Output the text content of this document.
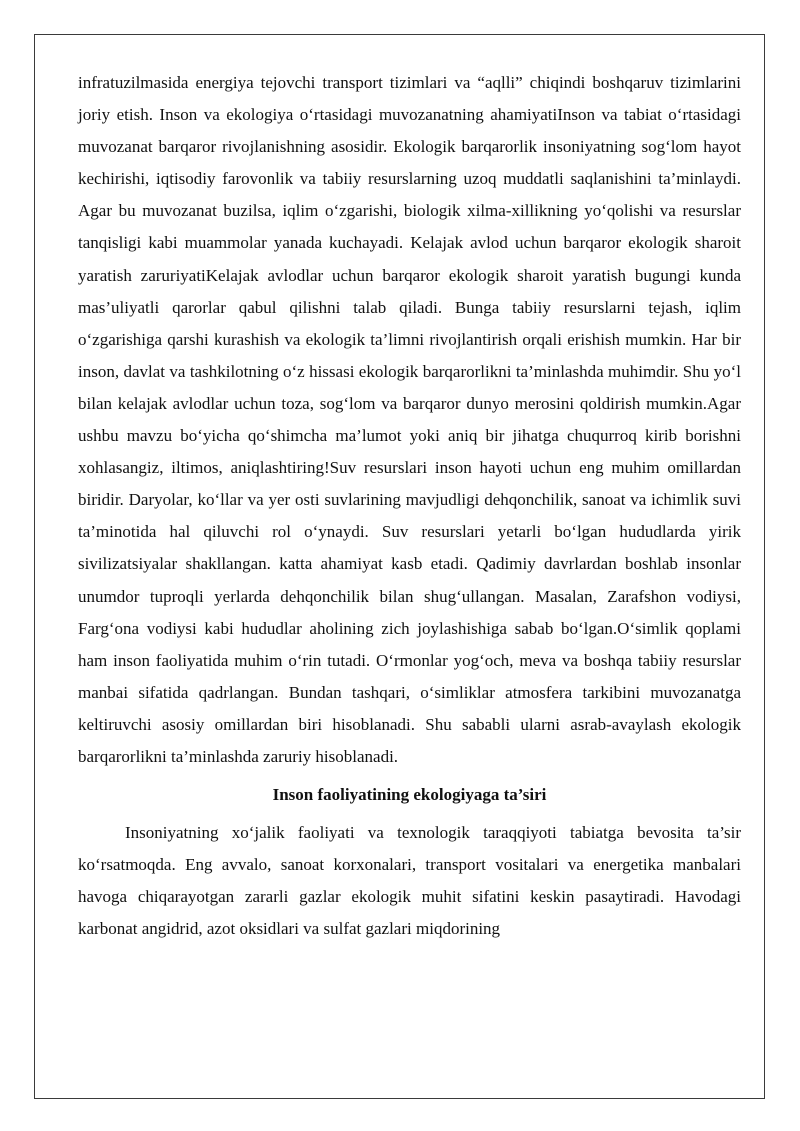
infratuzilmasida energiya tejovchi transport tizimlari va “aqlli” chiqindi boshqaruv tizimlarini joriy etish. Inson va ekologiya o‘rtasidagi muvozanatning ahamiyatiInson va tabiat o‘rtasidagi muvozanat barqaror rivojlanishning asosidir. Ekologik barqarorlik insoniyatning sog‘lom hayot kechirishi, iqtisodiy farovonlik va tabiiy resurslarning uzoq muddatli saqlanishini ta’minlaydi. Agar bu muvozanat buzilsa, iqlim o‘zgarishi, biologik xilma-xillikning yo‘qolishi va resurslar tanqisligi kabi muammolar yanada kuchayadi. Kelajak avlod uchun barqaror ekologik sharoit yaratish zaruriyatiKelajak avlodlar uchun barqaror ekologik sharoit yaratish bugungi kunda mas’uliyatli qarorlar qabul qilishni talab qiladi. Bunga tabiiy resurslarni tejash, iqlim o‘zgarishiga qarshi kurashish va ekologik ta’limni rivojlantirish orqali erishish mumkin. Har bir inson, davlat va tashkilotning o‘z hissasi ekologik barqarorlikni ta’minlashda muhimdir. Shu yo‘l bilan kelajak avlodlar uchun toza, sog‘lom va barqaror dunyo merosini qoldirish mumkin.Agar ushbu mavzu bo‘yicha qo‘shimcha ma’lumot yoki aniq bir jihatga chuqurroq kirib borishni xohlasangiz, iltimos, aniqlashtiring!Suv resurslari inson hayoti uchun eng muhim omillardan biridir. Daryolar, ko‘llar va yer osti suvlarining mavjudligi dehqonchilik, sanoat va ichimlik suvi ta’minotida hal qiluvchi rol o‘ynaydi. Suv resurslari yetarli bo‘lgan hududlarda yirik sivilizatsiyalar shakllangan. katta ahamiyat kasb etadi. Qadimiy davrlardan boshlab insonlar unumdor tuproqli yerlarda dehqonchilik bilan shug‘ullangan. Masalan, Zarafshon vodiysi, Farg‘ona vodiysi kabi hududlar aholining zich joylashishiga sabab bo‘lgan.O‘simlik qoplami ham inson faoliyatida muhim o‘rin tutadi. O‘rmonlar yog‘och, meva va boshqa tabiiy resurslar manbai sifatida qadrlangan. Bundan tashqari, o‘simliklar atmosfera tarkibini muvozanatga keltiruvchi asosiy omillardan biri hisoblanadi. Shu sababli ularni asrab-avaylash ekologik barqarorlikni ta’minlashda zaruriy hisoblanadi.

Inson faoliyatining ekologiyaga ta’siri

Insoniyatning xo‘jalik faoliyati va texnologik taraqqiyoti tabiatga bevosita ta’sir ko‘rsatmoqda. Eng avvalo, sanoat korxonalari, transport vositalari va energetika manbalari havoga chiqarayotgan zararli gazlar ekologik muhit sifatini keskin pasaytiradi. Havodagi karbonat angidrid, azot oksidlari va sulfat gazlari miqdorining
